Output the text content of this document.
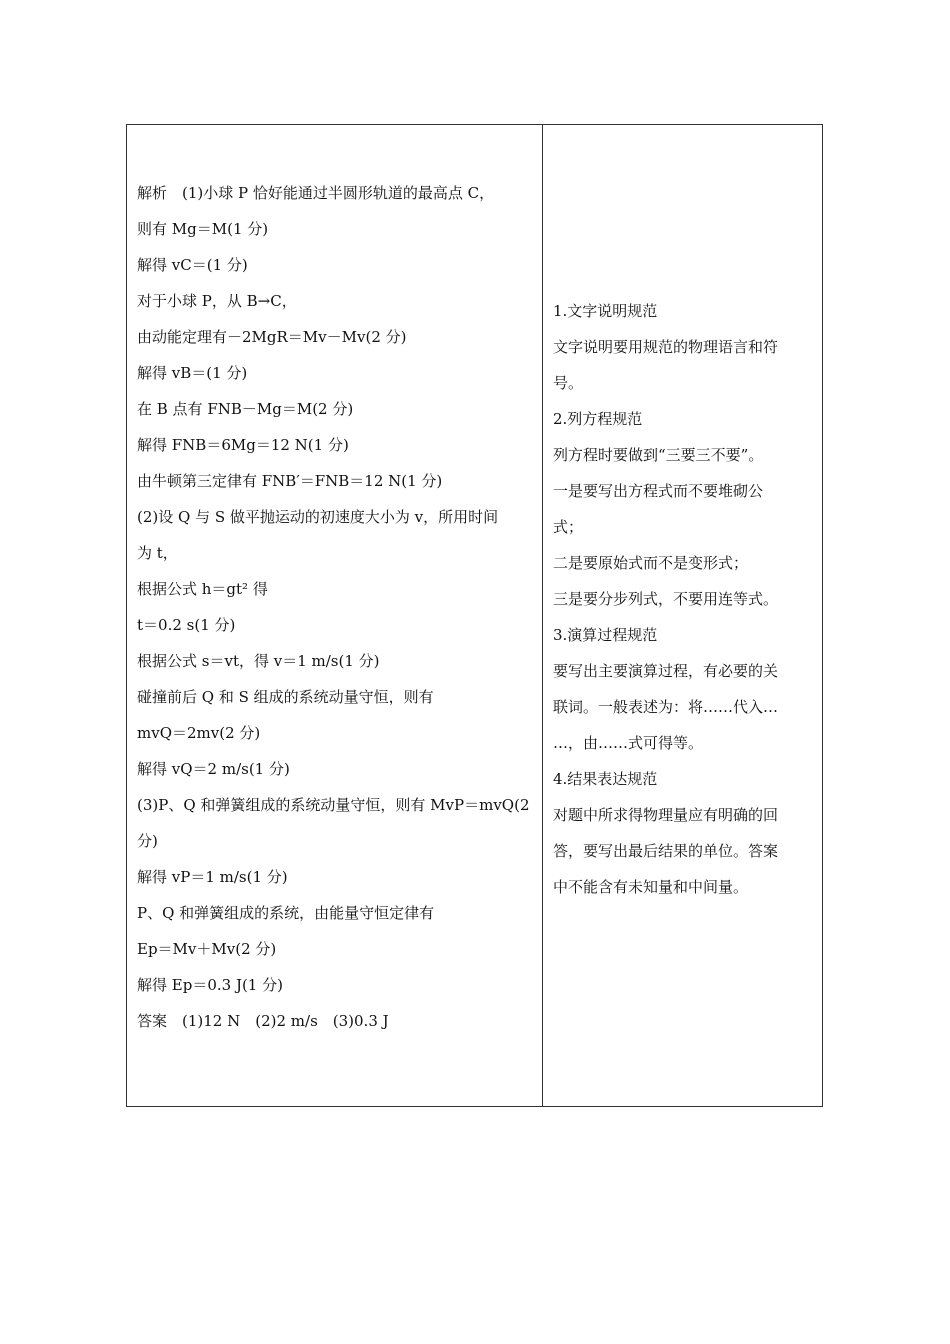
解析　(1)小球 P 恰好能通过半圆形轨道的最高点 C，
则有 Mg＝M(1 分)
解得 vC＝(1 分)
对于小球 P，从 B→C，
由动能定理有－2MgR＝Mv－Mv(2 分)
解得 vB＝(1 分)
在 B 点有 FNB－Mg＝M(2 分)
解得 FNB＝6Mg＝12 N(1 分)
由牛顿第三定律有 FNB′＝FNB＝12 N(1 分)
(2)设 Q 与 S 做平抛运动的初速度大小为 v，所用时间
为 t，
根据公式 h＝gt² 得
t＝0.2 s(1 分)
根据公式 s＝vt，得 v＝1 m/s(1 分)
碰撞前后 Q 和 S 组成的系统动量守恒，则有
mvQ＝2mv(2 分)
解得 vQ＝2 m/s(1 分)
(3)P、Q 和弹簧组成的系统动量守恒，则有 MvP＝mvQ(2
分)
解得 vP＝1 m/s(1 分)
P、Q 和弹簧组成的系统，由能量守恒定律有
Ep＝Mv＋Mv(2 分)
解得 Ep＝0.3 J(1 分)
答案　(1)12 N　(2)2 m/s　(3)0.3 J
1.文字说明规范
文字说明要用规范的物理语言和符
号。
2.列方程规范
列方程时要做到“三要三不要”。
一是要写出方程式而不要堆砌公
式；
二是要原始式而不是变形式；
三是要分步列式，不要用连等式。
3.演算过程规范
要写出主要演算过程，有必要的关
联词。一般表述为：将……代入…
…，由……式可得等。
4.结果表达规范
对题中所求得物理量应有明确的回
答，要写出最后结果的单位。答案
中不能含有未知量和中间量。
